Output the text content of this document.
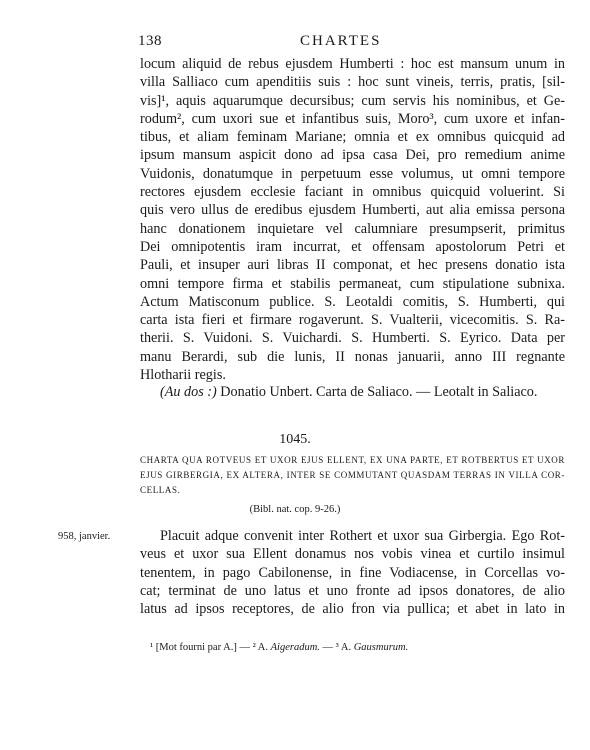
138	CHARTES
locum aliquid de rebus ejusdem Humberti : hoc est mansum unum in
villa Salliaco cum apenditiis suis : hoc sunt vineis, terris, pratis, [sil-
vis]¹, aquis aquarumque decursibus; cum servis his nominibus, et Ge-
rodum², cum uxori sue et infantibus suis, Moro³, cum uxore et infan-
tibus, et aliam feminam Mariane; omnia et ex omnibus quicquid ad
ipsum mansum aspicit dono ad ipsa casa Dei, pro remedium anime
Vuidonis, donatumque in perpetuum esse volumus, ut omni tempore
rectores ejusdem ecclesie faciant in omnibus quicquid voluerint. Si
quis vero ullus de eredibus ejusdem Humberti, aut alia emissa persona
hanc donationem inquietare vel calumniare presumpserit, primitus
Dei omnipotentis iram incurrat, et offensam apostolorum Petri et
Pauli, et insuper auri libras II componat, et hec presens donatio ista
omni tempore firma et stabilis permaneat, cum stipulatione subnixa.
Actum Matisconum publice. S. Leotaldi comitis, S. Humberti, qui
carta ista fieri et firmare rogaverunt. S. Vualterii, vicecomitis. S. Ra-
therii. S. Vuidoni. S. Vuichardi. S. Humberti. S. Eyrico. Data per
manu Berardi, sub die lunis, II nonas januarii, anno III regnante
Hlotharii regis.
(Au dos :) Donatio Unbert. Carta de Saliaco. — Leotalt in Saliaco.
1045.
CHARTA QUA ROTVEUS ET UXOR EJUS ELLENT, EX UNA PARTE, ET ROTBERTUS ET UXOR
EJUS GIRBERGIA, EX ALTERA, INTER SE COMMUTANT QUASDAM TERRAS IN VILLA COR-
CELLAS.
(Bibl. nat. cop. 9-26.)
958, janvier.	Placuit adque convenit inter Rothert et uxor sua Girbergia. Ego Rot-
veus et uxor sua Ellent donamus nos vobis vinea et curtilo insimul
tenentem, in pago Cabilonense, in fine Vodiacense, in Corcellas vo-
cat; terminat de uno latus et uno fronte ad ipsos donatores, de alio
latus ad ipsos receptores, de alio fron via pullica; et abet in lato in
¹ [Mot fourni par A.] — ² A. Aigeradum. — ³ A. Gausmurum.
